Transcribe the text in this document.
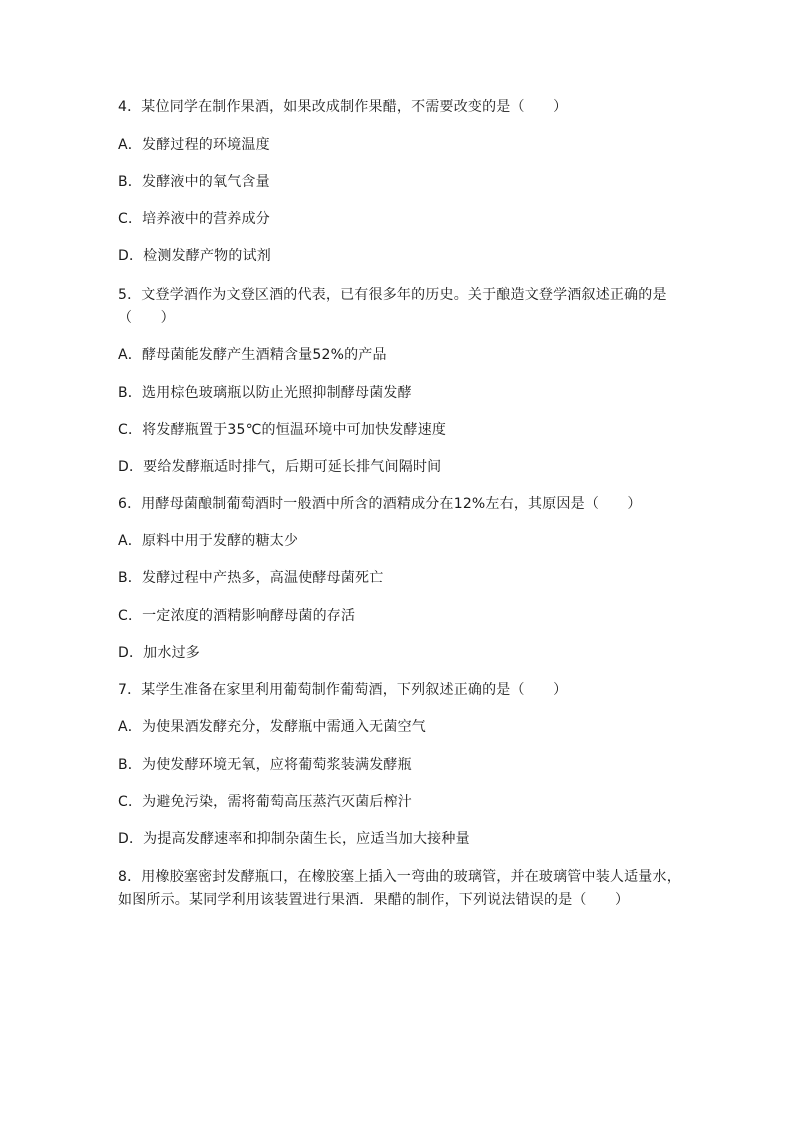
4．某位同学在制作果酒，如果改成制作果醋，不需要改变的是（　　）
A．发酵过程的环境温度
B．发酵液中的氧气含量
C．培养液中的营养成分
D．检测发酵产物的试剂
5．文登学酒作为文登区酒的代表，已有很多年的历史。关于酿造文登学酒叙述正确的是（　　）
A．酵母菌能发酵产生酒精含量52%的产品
B．选用棕色玻璃瓶以防止光照抑制酵母菌发酵
C．将发酵瓶置于35℃的恒温环境中可加快发酵速度
D．要给发酵瓶适时排气，后期可延长排气间隔时间
6．用酵母菌酿制葡萄酒时一般酒中所含的酒精成分在12%左右，其原因是（　　）
A．原料中用于发酵的糖太少
B．发酵过程中产热多，高温使酵母菌死亡
C．一定浓度的酒精影响酵母菌的存活
D．加水过多
7．某学生准备在家里利用葡萄制作葡萄酒，下列叙述正确的是（　　）
A．为使果酒发酵充分，发酵瓶中需通入无菌空气
B．为使发酵环境无氧，应将葡萄浆装满发酵瓶
C．为避免污染，需将葡萄高压蒸汽灭菌后榨汁
D．为提高发酵速率和抑制杂菌生长，应适当加大接种量
8．用橡胶塞密封发酵瓶口，在橡胶塞上插入一弯曲的玻璃管，并在玻璃管中装人适量水，如图所示。某同学利用该装置进行果酒．果醋的制作，下列说法错误的是（　　）
